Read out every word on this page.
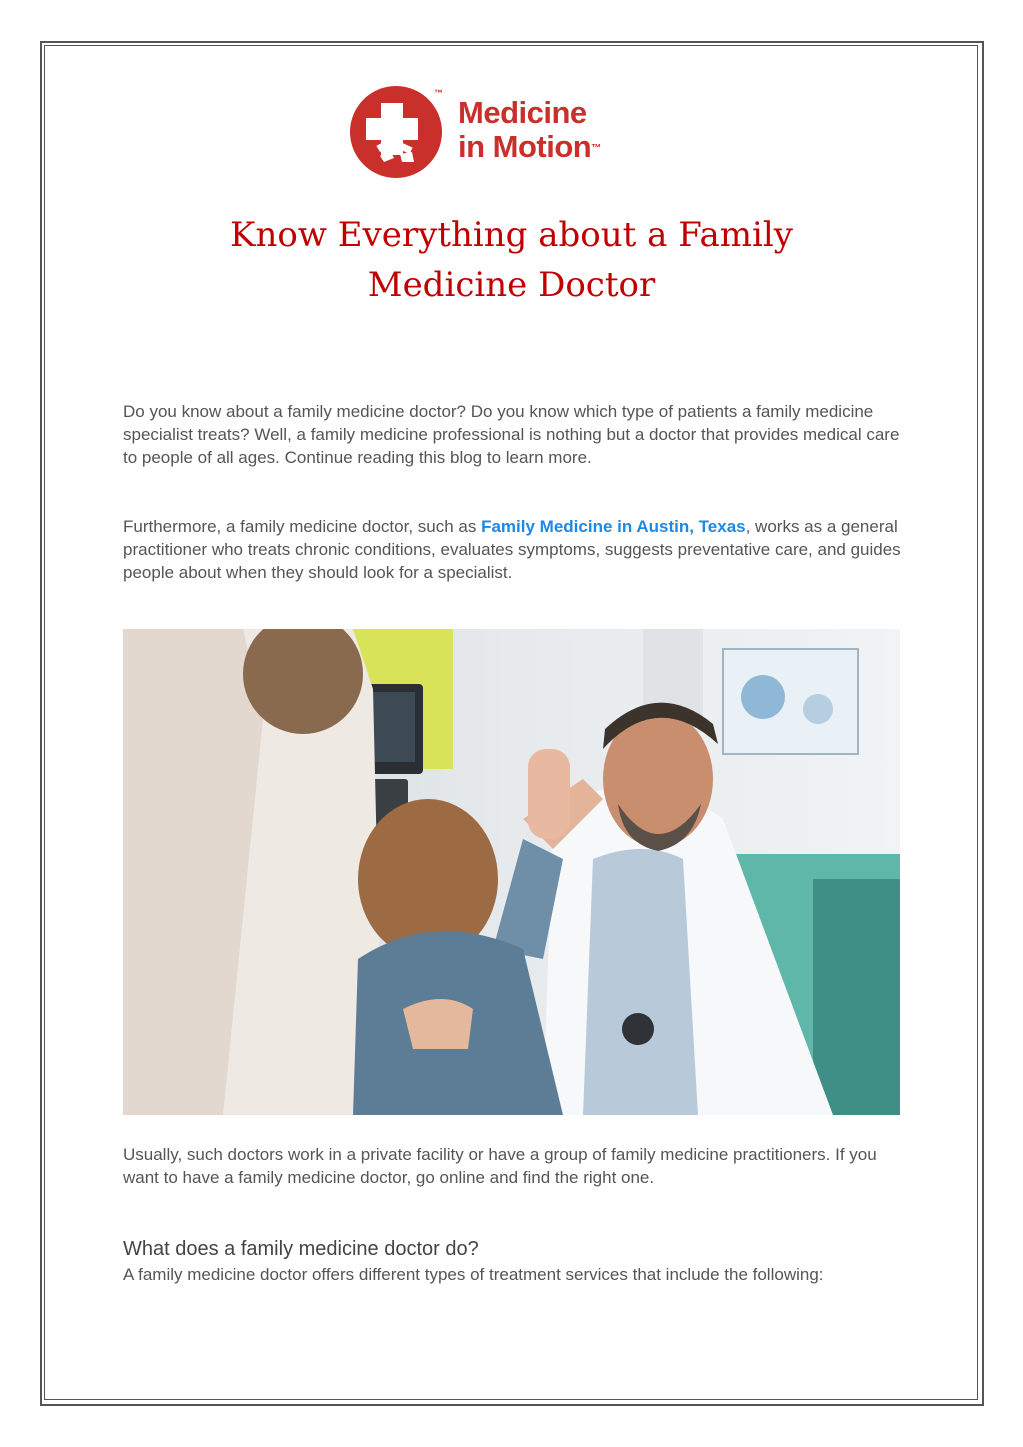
™
Medicine
in Motion™
Know Everything about a Family
Medicine Doctor

Do you know about a family medicine doctor? Do you know which type of patients a family medicine specialist treats? Well, a family medicine professional is nothing but a doctor that provides medical care to people of all ages. Continue reading this blog to learn more.

Furthermore, a family medicine doctor, such as Family Medicine in Austin, Texas, works as a general practitioner who treats chronic conditions, evaluates symptoms, suggests preventative care, and guides people about when they should look for a specialist.

Usually, such doctors work in a private facility or have a group of family medicine practitioners. If you want to have a family medicine doctor, go online and find the right one.

What does a family medicine doctor do?

A family medicine doctor offers different types of treatment services that include the following:
